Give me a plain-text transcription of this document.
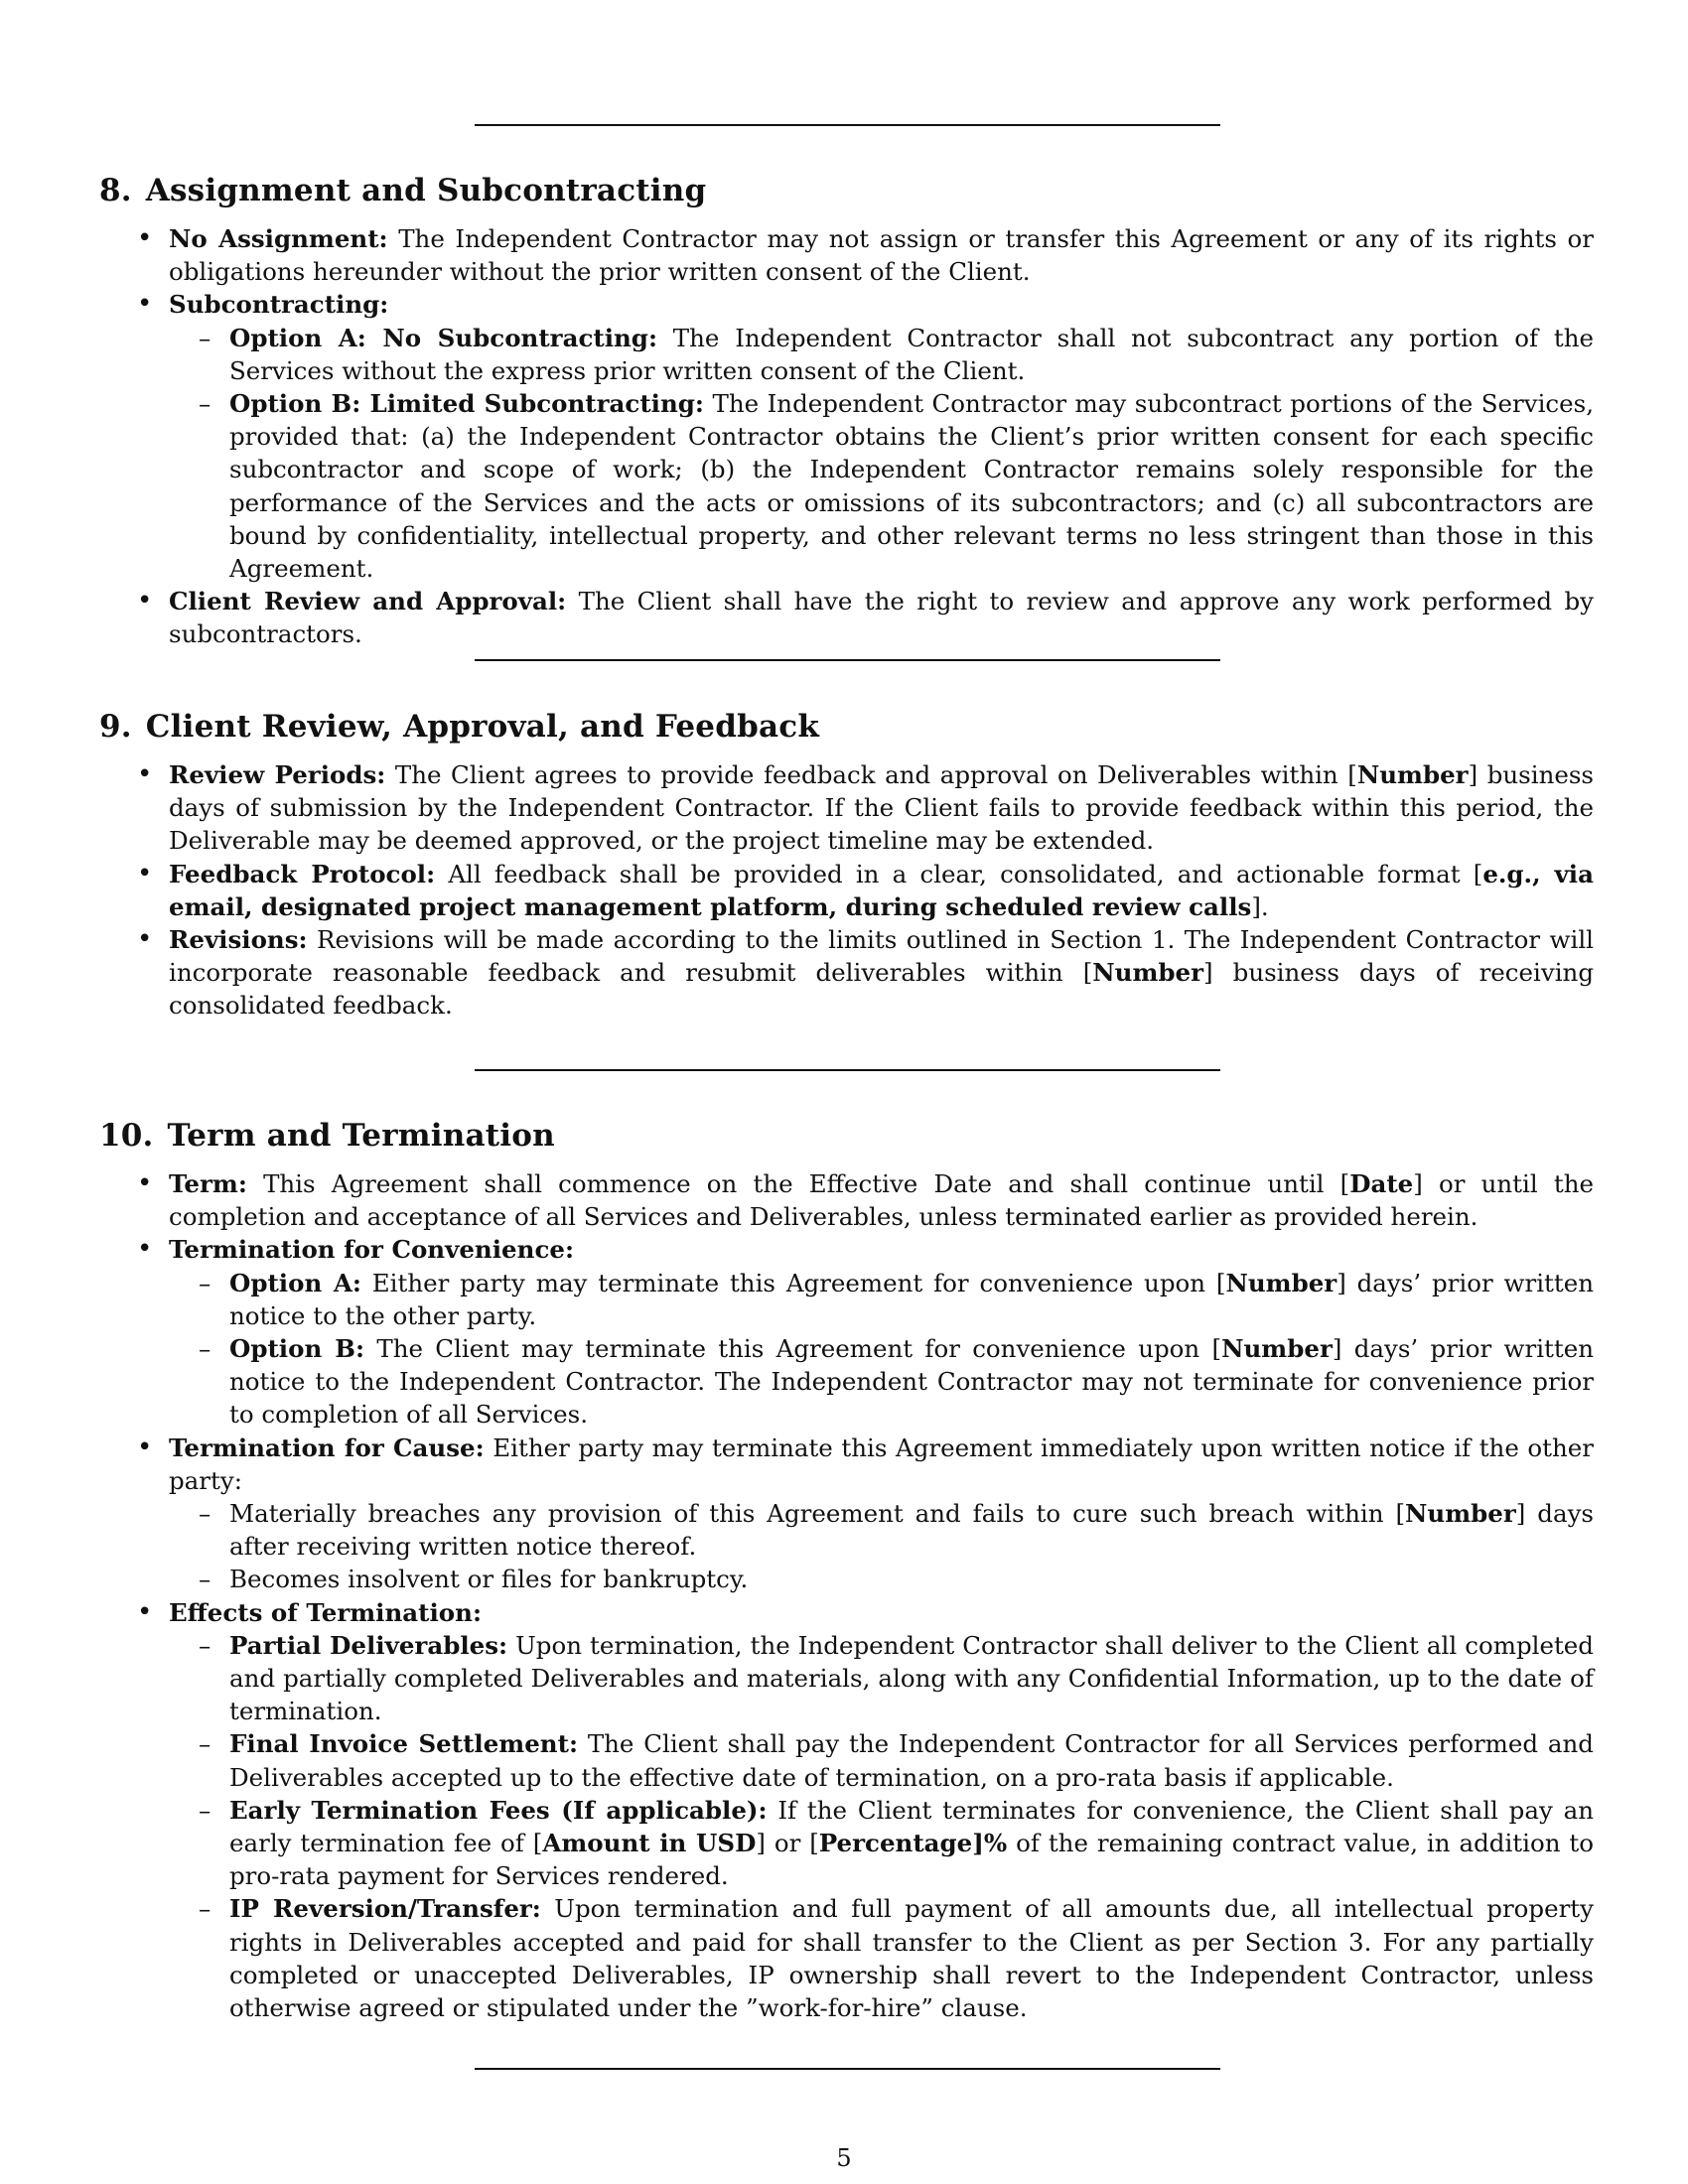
8. Assignment and Subcontracting
• No Assignment: The Independent Contractor may not assign or transfer this Agreement or any of its rights or obligations hereunder without the prior written consent of the Client.
• Subcontracting:
– Option A: No Subcontracting: The Independent Contractor shall not subcontract any portion of the Services without the express prior written consent of the Client.
– Option B: Limited Subcontracting: The Independent Contractor may subcontract portions of the Services, provided that: (a) the Independent Contractor obtains the Client’s prior written consent for each specific subcontractor and scope of work; (b) the Independent Contractor remains solely responsible for the performance of the Services and the acts or omissions of its subcontractors; and (c) all subcontractors are bound by confidentiality, intellectual property, and other relevant terms no less stringent than those in this Agreement.
• Client Review and Approval: The Client shall have the right to review and approve any work performed by subcontractors.
9. Client Review, Approval, and Feedback
• Review Periods: The Client agrees to provide feedback and approval on Deliverables within [Number] business days of submission by the Independent Contractor. If the Client fails to provide feedback within this period, the Deliverable may be deemed approved, or the project timeline may be extended.
• Feedback Protocol: All feedback shall be provided in a clear, consolidated, and actionable format [e.g., via email, designated project management platform, during scheduled review calls].
• Revisions: Revisions will be made according to the limits outlined in Section 1. The Independent Contractor will incorporate reasonable feedback and resubmit deliverables within [Number] business days of receiving consolidated feedback.
10. Term and Termination
• Term: This Agreement shall commence on the Effective Date and shall continue until [Date] or until the completion and acceptance of all Services and Deliverables, unless terminated earlier as provided herein.
• Termination for Convenience:
– Option A: Either party may terminate this Agreement for convenience upon [Number] days’ prior written notice to the other party.
– Option B: The Client may terminate this Agreement for convenience upon [Number] days’ prior written notice to the Independent Contractor. The Independent Contractor may not terminate for convenience prior to completion of all Services.
• Termination for Cause: Either party may terminate this Agreement immediately upon written notice if the other party:
– Materially breaches any provision of this Agreement and fails to cure such breach within [Number] days after receiving written notice thereof.
– Becomes insolvent or files for bankruptcy.
• Effects of Termination:
– Partial Deliverables: Upon termination, the Independent Contractor shall deliver to the Client all completed and partially completed Deliverables and materials, along with any Confidential Information, up to the date of termination.
– Final Invoice Settlement: The Client shall pay the Independent Contractor for all Services performed and Deliverables accepted up to the effective date of termination, on a pro-rata basis if applicable.
– Early Termination Fees (If applicable): If the Client terminates for convenience, the Client shall pay an early termination fee of [Amount in USD] or [Percentage]% of the remaining contract value, in addition to pro-rata payment for Services rendered.
– IP Reversion/Transfer: Upon termination and full payment of all amounts due, all intellectual property rights in Deliverables accepted and paid for shall transfer to the Client as per Section 3. For any partially completed or unaccepted Deliverables, IP ownership shall revert to the Independent Contractor, unless otherwise agreed or stipulated under the ”work-for-hire” clause.
5
